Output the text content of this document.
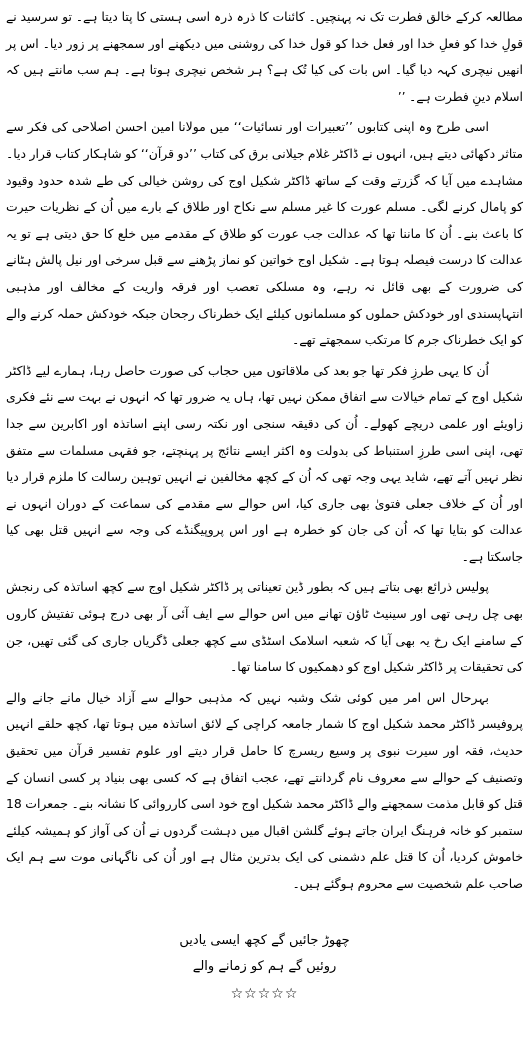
مطالعہ کرکے خالق فطرت تک نہ پہنچیں۔ کائنات کا ذرہ ذرہ اسی ہستی کا پتا دیتا ہے۔ تو سرسید نے قولِ خدا کو فعلِ خدا اور فعل خدا کو قول خدا کی روشنی میں دیکھنے اور سمجھنے پر زور دیا۔ اس پر انھیں نیچری کہہ دیا گیا۔ اس بات کی کیا تُک ہے؟ ہر شخص نیچری ہوتا ہے۔ ہم سب مانتے ہیں کہ اسلام دینِ فطرت ہے۔ ’’

اسی طرح وہ اپنی کتابوں ’’تعبیرات اور نسائیات‘‘ میں مولانا امین احسن اصلاحی کی فکر سے متاثر دکھائی دیتے ہیں، انہوں نے ڈاکٹر غلام جیلانی برق کی کتاب ’’دو قرآن‘‘ کو شاہکار کتاب قرار دیا۔ مشاہدے میں آیا کہ گزرتے وقت کے ساتھ ڈاکٹر شکیل اوج کی روشن خیالی کی طے شدہ حدود وقیود کو پامال کرنے لگی۔ مسلم عورت کا غیر مسلم سے نکاح اور طلاق کے بارے میں اُن کے نظریات حیرت کا باعث بنے۔ اُن کا ماننا تھا کہ عدالت جب عورت کو طلاق کے مقدمے میں خلع کا حق دیتی ہے تو یہ عدالت کا درست فیصلہ ہوتا ہے۔ شکیل اوج خواتین کو نماز پڑھنے سے قبل سرخی اور نیل پالش ہٹانے کی ضرورت کے بھی قائل نہ رہے، وہ مسلکی تعصب اور فرقہ واریت کے مخالف اور مذہبی انتہاپسندی اور خودکش حملوں کو مسلمانوں کیلئے ایک خطرناک رجحان جبکہ خودکش حملہ کرنے والے کو ایک خطرناک جرم کا مرتکب سمجھتے تھے۔

اُن کا یہی طرزِ فکر تھا جو بعد کی ملاقاتوں میں حجاب کی صورت حاصل رہا، ہمارے لیے ڈاکٹر شکیل اوج کے تمام خیالات سے اتفاق ممکن نہیں تھا، ہاں یہ ضرور تھا کہ انہوں نے بہت سے نئے فکری زاویئے اور علمی دریچے کھولے۔ اُن کی دقیقہ سنجی اور نکتہ رسی اپنے اساتذہ اور اکابرین سے جدا تھی، اپنی اسی طرزِ استنباط کی بدولت وہ اکثر ایسے نتائج پر پہنچتے، جو فقہی مسلمات سے متفق نظر نہیں آتے تھے، شاید یہی وجہ تھی کہ اُن کے کچھ مخالفین نے انہیں توہین رسالت کا ملزم قرار دیا اور اُن کے خلاف جعلی فتویٰ بھی جاری کیا، اس حوالے سے مقدمے کی سماعت کے دوران انہوں نے عدالت کو بتایا تھا کہ اُن کی جان کو خطرہ ہے اور اس پروپیگنڈے کی وجہ سے انہیں قتل بھی کیا جاسکتا ہے۔

پولیس ذرائع بھی بتاتے ہیں کہ بطور ڈین تعیناتی پر ڈاکٹر شکیل اوج سے کچھ اساتذہ کی رنجش بھی چل رہی تھی اور سینیٹ ٹاؤن تھانے میں اس حوالے سے ایف آئی آر بھی درج ہوئی تفتیش کاروں کے سامنے ایک رخ یہ بھی آیا کہ شعبہ اسلامک اسٹڈی سے کچھ جعلی ڈگریاں جاری کی گئی تھیں، جن کی تحقیقات پر ڈاکٹر شکیل اوج کو دھمکیوں کا سامنا تھا۔

بہرحال اس امر میں کوئی شک وشبہ نہیں کہ مذہبی حوالے سے آزاد خیال مانے جانے والے پروفیسر ڈاکٹر محمد شکیل اوج کا شمار جامعہ کراچی کے لائق اساتذہ میں ہوتا تھا، کچھ حلقے انہیں حدیث، فقہ اور سیرت نبوی پر وسیع ریسرچ کا حامل قرار دیتے اور علوم تفسیر قرآن میں تحقیق وتصنیف کے حوالے سے معروف نام گردانتے تھے، عجب اتفاق ہے کہ کسی بھی بنیاد پر کسی انسان کے قتل کو قابل مذمت سمجھنے والے ڈاکٹر محمد شکیل اوج خود اسی کارروائی کا نشانہ بنے۔ جمعرات 18 ستمبر کو خانہ فرہنگ ایران جاتے ہوئے گلشن اقبال میں دہشت گردوں نے اُن کی آواز کو ہمیشہ کیلئے خاموش کردیا، اُن کا قتل علم دشمنی کی ایک بدترین مثال ہے اور اُن کی ناگہانی موت سے ہم ایک صاحب علم شخصیت سے محروم ہوگئے ہیں۔

چھوڑ جائیں گے کچھ ایسی یادیں
روئیں گے ہم کو زمانے والے
☆☆☆☆☆
